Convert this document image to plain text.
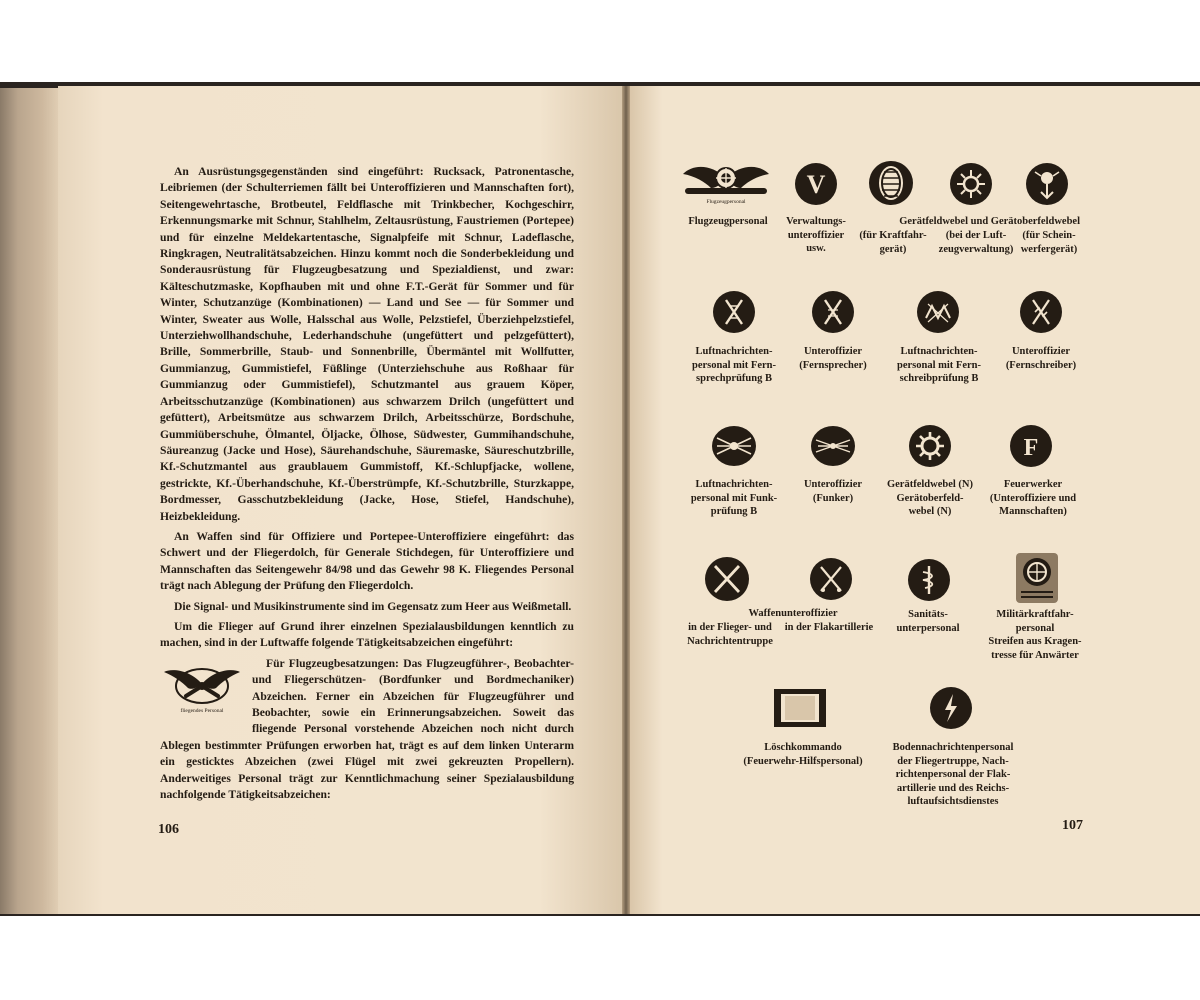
An Ausrüstungsgegenständen sind eingeführt: Rucksack, Patronentasche, Leibriemen (der Schulterriemen fällt bei Unteroffizieren und Mannschaften fort), Seitengewehrtasche, Brotbeutel, Feldflasche mit Trinkbecher, Kochgeschirr, Erkennungsmarke mit Schnur, Stahlhelm, Zeltausrüstung, Faustriemen (Portepee) und für einzelne Meldekartentasche, Signalpfeife mit Schnur, Ladeflasche, Ringkragen, Neutralitätsabzeichen. Hinzu kommt noch die Sonderbekleidung und Sonderausrüstung für Flugzeugbesatzung und Spezialdienst, und zwar: Kälteschutzmaske, Kopfhauben mit und ohne F.T.-Gerät für Sommer und für Winter, Schutzanzüge (Kombinationen) — Land und See — für Sommer und Winter, Sweater aus Wolle, Halsschal aus Wolle, Pelzstiefel, Überziehpelzstiefel, Unterziehwollhandschuhe, Lederhandschuhe (ungefüttert und pelzgefüttert), Brille, Sommerbrille, Staub- und Sonnenbrille, Übermäntel mit Wollfutter, Gummianzug, Gummistiefel, Füßlinge (Unterziehschuhe aus Roßhaar für Gummianzug oder Gummistiefel), Schutzmantel aus grauem Köper, Arbeitsschutzanzüge (Kombinationen) aus schwarzem Drilch (ungefüttert und gefüttert), Arbeitsmütze aus schwarzem Drilch, Arbeitsschürze, Bordschuhe, Gummiüberschuhe, Ölmantel, Öljacke, Ölhose, Südwester, Gummihandschuhe, Säureanzug (Jacke und Hose), Säurehandschuhe, Säuremaske, Säureschutzbrille, Kf.-Schutzmantel aus graublauem Gummistoff, Kf.-Schlupfjacke, wollene, gestrickte, Kf.-Überhandschuhe, Kf.-Überstrümpfe, Kf.-Schutzbrille, Sturzkappe, Bordmesser, Gasschutzbekleidung (Jacke, Hose, Stiefel, Handschuhe), Heizbekleidung.

An Waffen sind für Offiziere und Portepee-Unteroffiziere eingeführt: das Schwert und der Fliegerdolch, für Generale Stichdegen, für Unteroffiziere und Mannschaften das Seitengewehr 84/98 und das Gewehr 98 K. Fliegendes Personal trägt nach Ablegung der Prüfung den Fliegerdolch.

Die Signal- und Musikinstrumente sind im Gegensatz zum Heer aus Weißmetall.

Um die Flieger auf Grund ihrer einzelnen Spezialausbildungen kenntlich zu machen, sind in der Luftwaffe folgende Tätigkeitsabzeichen eingeführt:

fliegendes Personal

Für Flugzeugbesatzungen: Das Flugzeugführer-, Beobachter- und Fliegerschützen- (Bordfunker und Bordmechaniker) Abzeichen. Ferner ein Abzeichen für Flugzeugführer und Beobachter, sowie ein Erinnerungsabzeichen. Soweit das fliegende Personal vorstehende Abzeichen noch nicht durch Ablegen bestimmter Prüfungen erworben hat, trägt es auf dem linken Unterarm ein gesticktes Abzeichen (zwei Flügel mit zwei gekreuzten Propellern). Anderweitiges Personal trägt zur Kenntlichmachung seiner Spezialausbildung nachfolgende Tätigkeitsabzeichen:

106
Flugzeugpersonal
Flugzeugpersonal
V
Verwaltungs-
unteroffizier
usw.
Gerätfeldwebel und Gerätoberfeldwebel
(für Kraftfahr-
gerät)
(bei der Luft-
zeugverwaltung)
(für Schein-
werfergerät)
Luftnachrichten-
personal mit Fern-
sprechprüfung B
Unteroffizier
(Fernsprecher)
Luftnachrichten-
personal mit Fern-
schreibprüfung B
Unteroffizier
(Fernschreiber)
Luftnachrichten-
personal mit Funk-
prüfung B
Unteroffizier
(Funker)
Gerätfeldwebel (N)
Gerätoberfeld-
webel (N)
F
Feuerwerker
(Unteroffiziere und
Mannschaften)
Waffenunteroffizier
in der Flieger- und
Nachrichtentruppe
in der Flakartillerie
Sanitäts-
unterpersonal
Militärkraftfahr-
personal
Streifen aus Kragen-
tresse für Anwärter
Löschkommando
(Feuerwehr-Hilfspersonal)
Bodennachrichtenpersonal
der Fliegertruppe, Nach-
richtenpersonal der Flak-
artillerie und des Reichs-
luftaufsichtsdienstes
107
